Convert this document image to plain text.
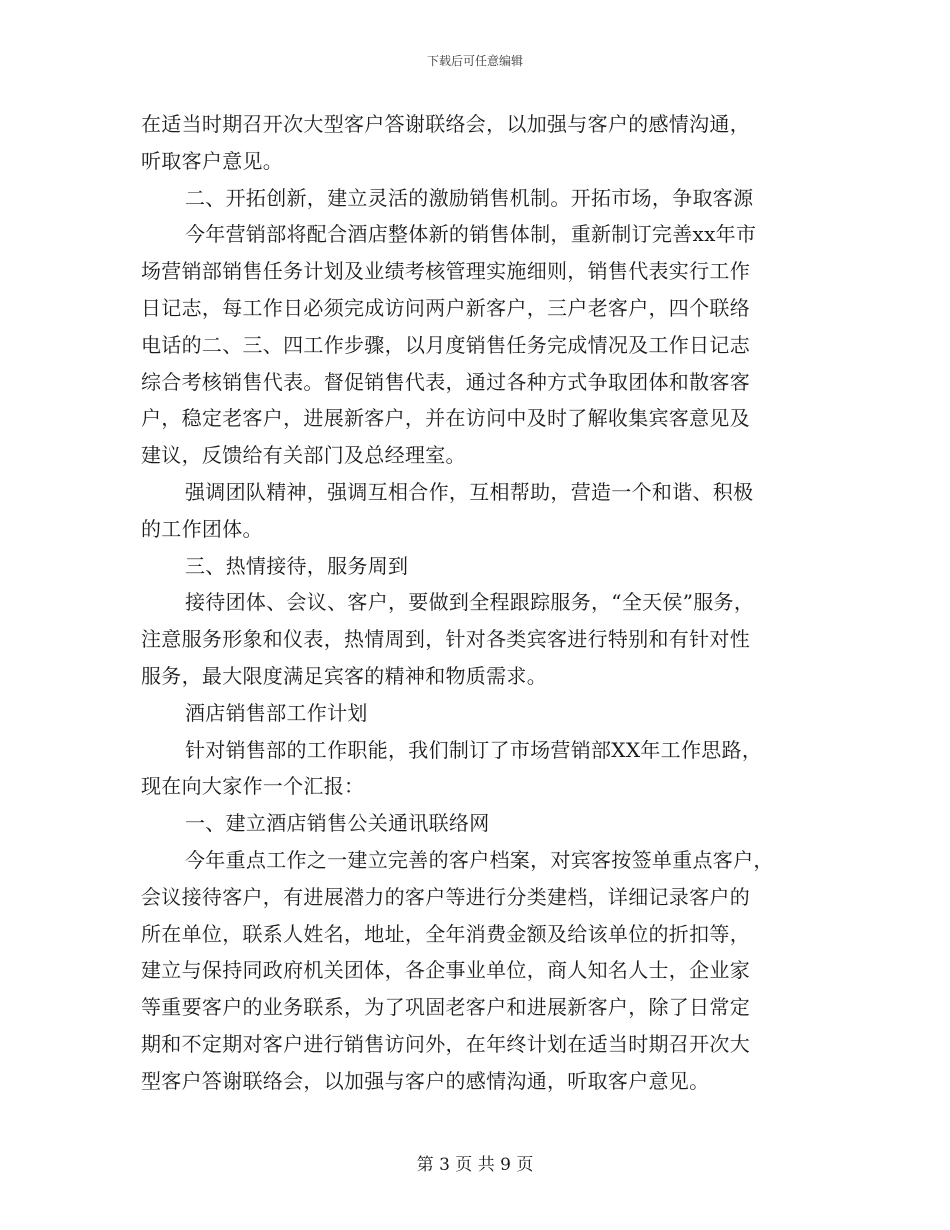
下载后可任意编辑
在适当时期召开次大型客户答谢联络会，以加强与客户的感情沟通，
听取客户意见。
二、开拓创新，建立灵活的激励销售机制。开拓市场，争取客源
今年营销部将配合酒店整体新的销售体制，重新制订完善xx年市
场营销部销售任务计划及业绩考核管理实施细则，销售代表实行工作
日记志，每工作日必须完成访问两户新客户，三户老客户，四个联络
电话的二、三、四工作步骤，以月度销售任务完成情况及工作日记志
综合考核销售代表。督促销售代表，通过各种方式争取团体和散客客
户，稳定老客户，进展新客户，并在访问中及时了解收集宾客意见及
建议，反馈给有关部门及总经理室。
强调团队精神，强调互相合作，互相帮助，营造一个和谐、积极
的工作团体。
三、热情接待，服务周到
接待团体、会议、客户，要做到全程跟踪服务，“全天侯”服务，
注意服务形象和仪表，热情周到，针对各类宾客进行特别和有针对性
服务，最大限度满足宾客的精神和物质需求。
酒店销售部工作计划
针对销售部的工作职能，我们制订了市场营销部XX年工作思路，
现在向大家作一个汇报：
一、建立酒店销售公关通讯联络网
今年重点工作之一建立完善的客户档案，对宾客按签单重点客户，
会议接待客户，有进展潜力的客户等进行分类建档，详细记录客户的
所在单位，联系人姓名，地址，全年消费金额及给该单位的折扣等，
建立与保持同政府机关团体，各企事业单位，商人知名人士，企业家
等重要客户的业务联系，为了巩固老客户和进展新客户，除了日常定
期和不定期对客户进行销售访问外，在年终计划在适当时期召开次大
型客户答谢联络会，以加强与客户的感情沟通，听取客户意见。
第 3 页 共 9 页
